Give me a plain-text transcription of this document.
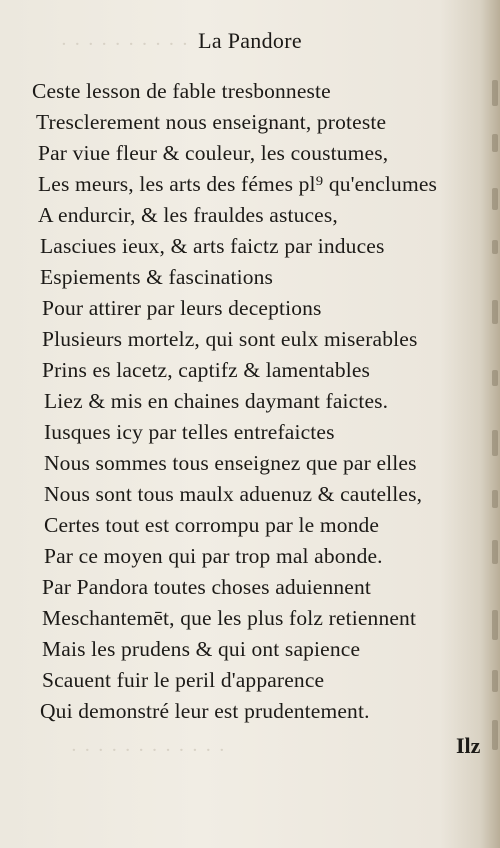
· · · · · · · · · ·
· · · · · · · · · · · ·
La Pandore
Ceste lesson de fable tresbonneste
Tresclerement nous enseignant, proteste
Par viue fleur & couleur, les coustumes,
Les meurs, les arts des fémes pl⁹ qu'enclumes
A endurcir, & les frauldes astuces,
Lasciues ieux, & arts faictz par induces
Espiements & fascinations
Pour attirer par leurs deceptions
Plusieurs mortelz, qui sont eulx miserables
Prins es lacetz, captifz & lamentables
Liez & mis en chaines daymant faictes.
Iusques icy par telles entrefaictes
Nous sommes tous enseignez que par elles
Nous sont tous maulx aduenuz & cautelles,
Certes tout est corrompu par le monde
Par ce moyen qui par trop mal abonde.
Par Pandora toutes choses aduiennent
Meschantemēt, que les plus folz retiennent
Mais les prudens & qui ont sapience
Scauent fuir le peril d'apparence
Qui demonstré leur est prudentement.
Ilz
